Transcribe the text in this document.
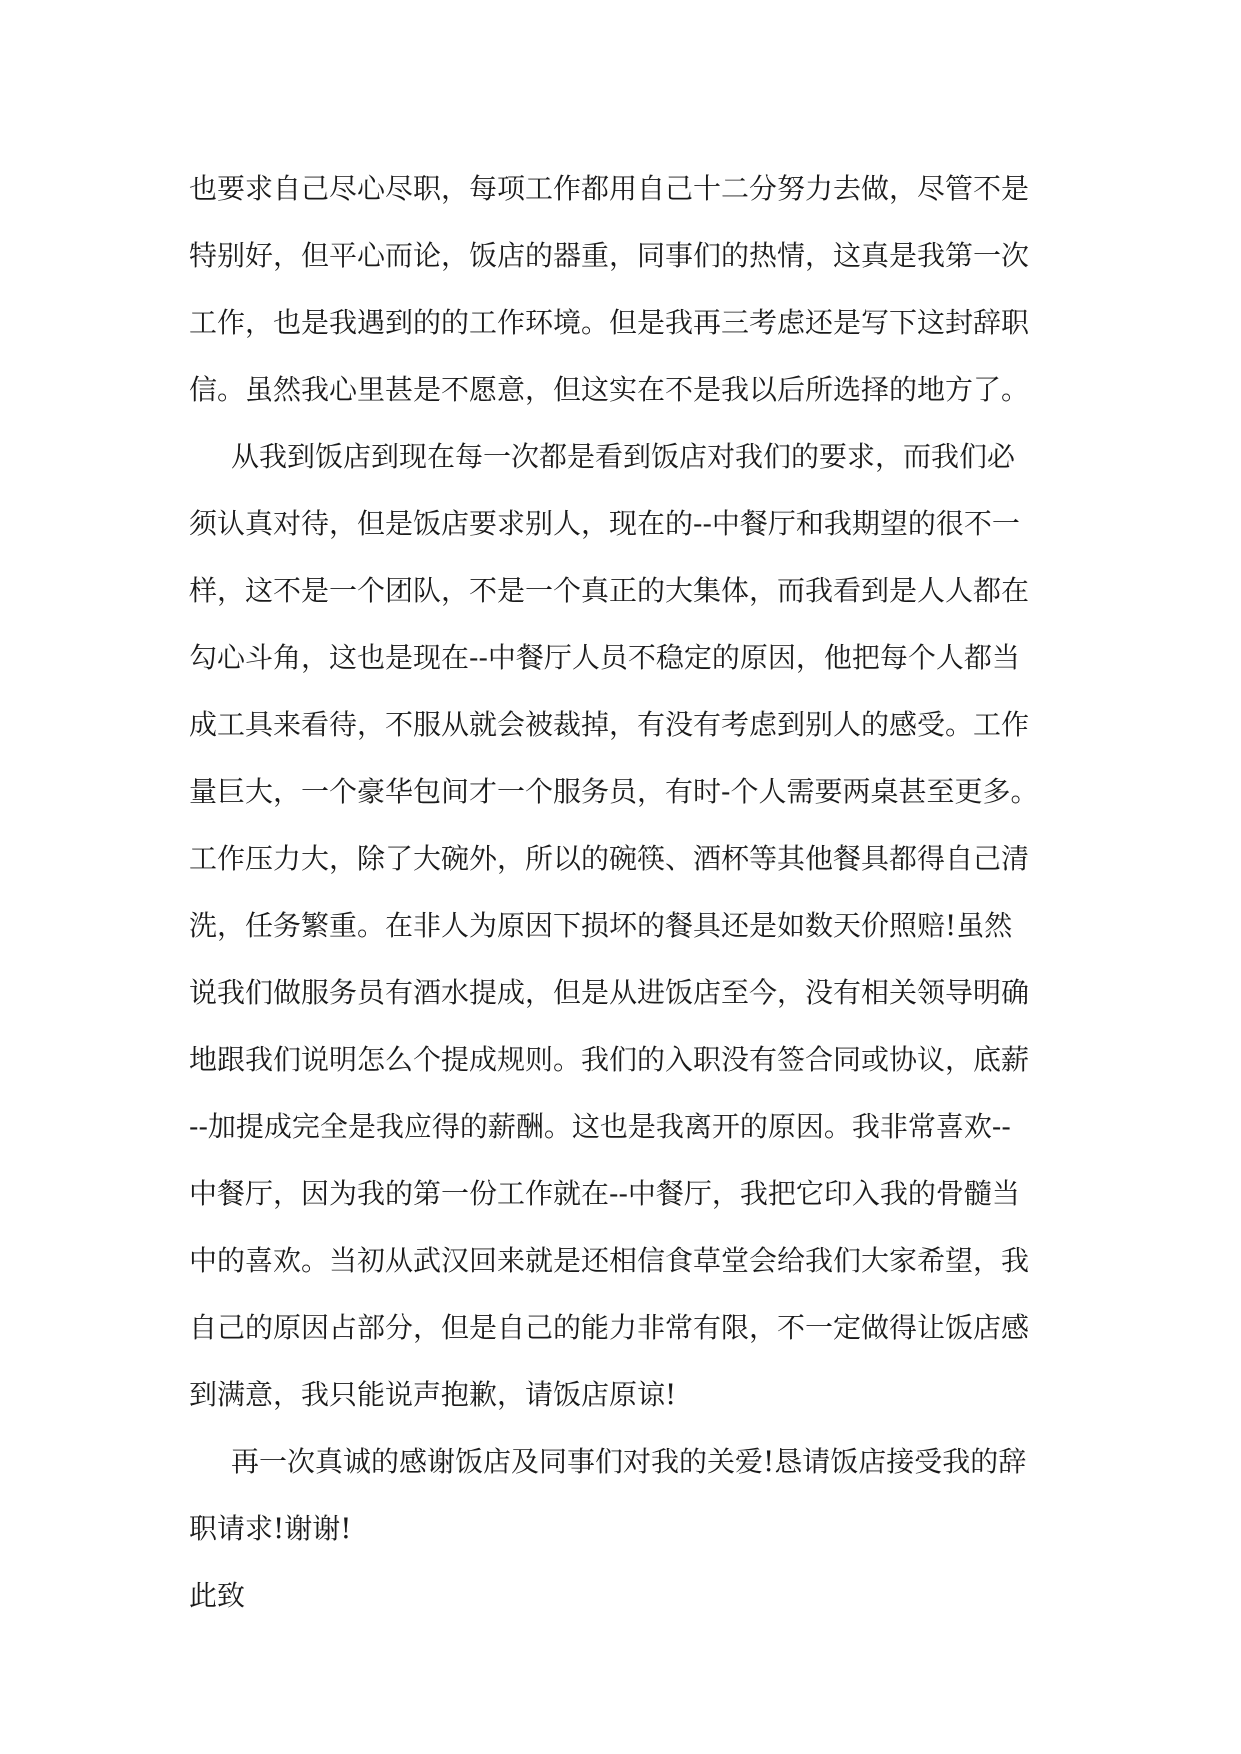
也要求自己尽心尽职，每项工作都用自己十二分努力去做，尽管不是
特别好，但平心而论，饭店的器重，同事们的热情，这真是我第一次
工作，也是我遇到的的工作环境。但是我再三考虑还是写下这封辞职
信。虽然我心里甚是不愿意，但这实在不是我以后所选择的地方了。
从我到饭店到现在每一次都是看到饭店对我们的要求，而我们必
须认真对待，但是饭店要求别人，现在的--中餐厅和我期望的很不一
样，这不是一个团队，不是一个真正的大集体，而我看到是人人都在
勾心斗角，这也是现在--中餐厅人员不稳定的原因，他把每个人都当
成工具来看待，不服从就会被裁掉，有没有考虑到别人的感受。工作
量巨大，一个豪华包间才一个服务员，有时-个人需要两桌甚至更多。
工作压力大，除了大碗外，所以的碗筷、酒杯等其他餐具都得自己清
洗，任务繁重。在非人为原因下损坏的餐具还是如数天价照赔!虽然
说我们做服务员有酒水提成，但是从进饭店至今，没有相关领导明确
地跟我们说明怎么个提成规则。我们的入职没有签合同或协议，底薪
--加提成完全是我应得的薪酬。这也是我离开的原因。我非常喜欢--
中餐厅，因为我的第一份工作就在--中餐厅，我把它印入我的骨髓当
中的喜欢。当初从武汉回来就是还相信食草堂会给我们大家希望，我
自己的原因占部分，但是自己的能力非常有限，不一定做得让饭店感
到满意，我只能说声抱歉，请饭店原谅!
再一次真诚的感谢饭店及同事们对我的关爱!恳请饭店接受我的辞
职请求!谢谢!
此致
